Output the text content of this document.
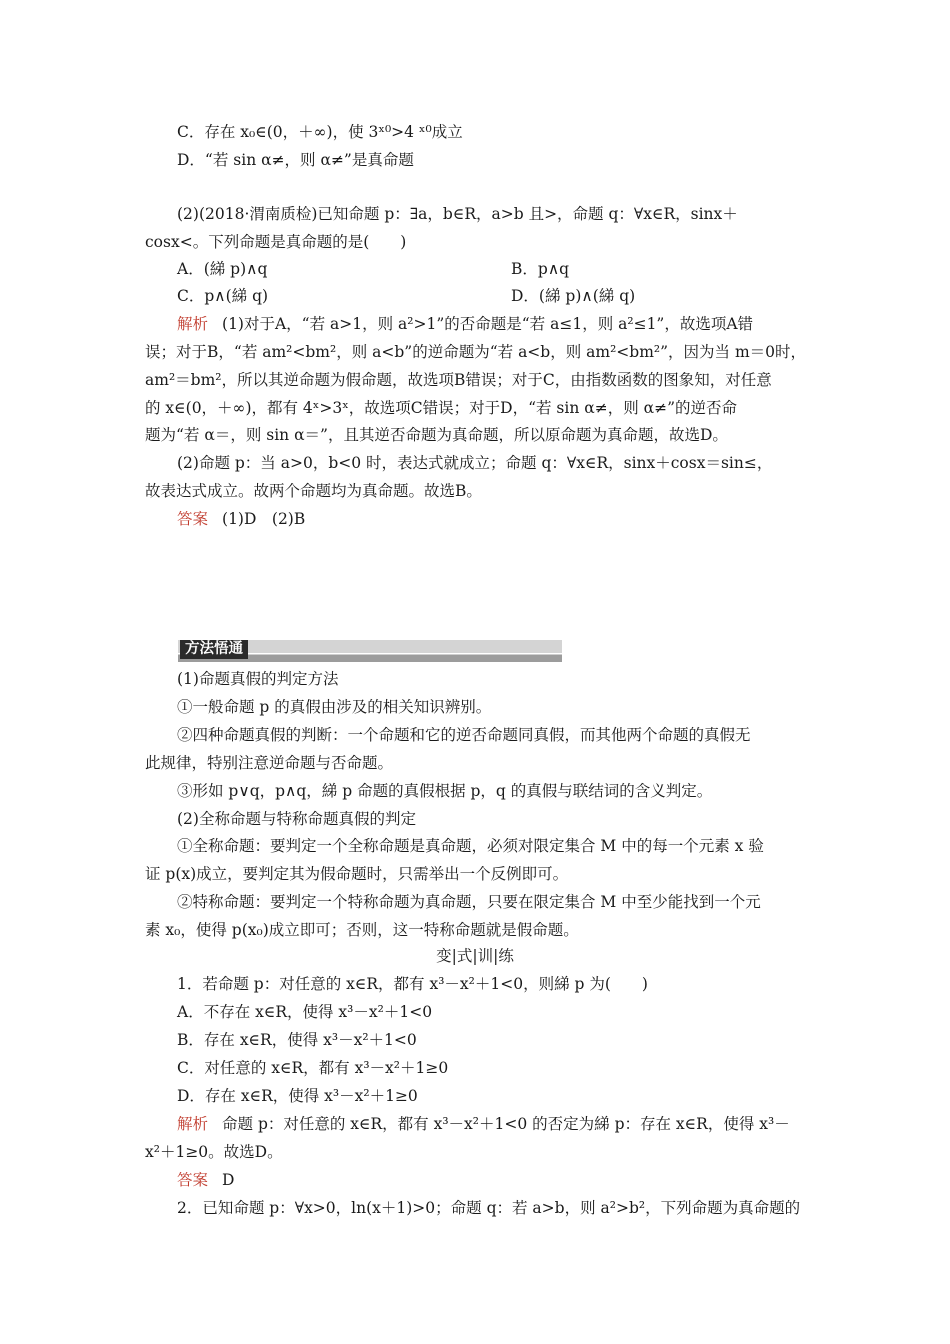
C．存在 x₀∈(0，＋∞)，使 3ˣ⁰>4 ˣ⁰成立
D．“若 sin α≠，则 α≠”是真命题
(2)(2018·渭南质检)已知命题 p：∃a，b∈R，a>b 且>，命题 q：∀x∈R，sinx＋
cosx<。下列命题是真命题的是(　　)
A．(綈 p)∧q	B．p∧q
C．p∧(綈 q)	D．(綈 p)∧(綈 q)
解析 (1)对于A，“若 a>1，则 a²>1”的否命题是“若 a≤1，则 a²≤1”，故选项A错
误；对于B，“若 am²<bm²，则 a<b”的逆命题为“若 a<b，则 am²<bm²”，因为当 m＝0时，
am²＝bm²，所以其逆命题为假命题，故选项B错误；对于C，由指数函数的图象知，对任意
的 x∈(0，＋∞)，都有 4ˣ>3ˣ，故选项C错误；对于D，“若 sin α≠，则 α≠”的逆否命
题为“若 α＝，则 sin α＝”，且其逆否命题为真命题，所以原命题为真命题，故选D。
(2)命题 p：当 a>0，b<0 时，表达式就成立；命题 q：∀x∈R，sinx＋cosx＝sin≤，
故表达式成立。故两个命题均为真命题。故选B。
答案 (1)D　(2)B
方法悟通
(1)命题真假的判定方法
①一般命题 p 的真假由涉及的相关知识辨别。
②四种命题真假的判断：一个命题和它的逆否命题同真假，而其他两个命题的真假无
此规律，特别注意逆命题与否命题。
③形如 p∨q，p∧q，綈 p 命题的真假根据 p，q 的真假与联结词的含义判定。
(2)全称命题与特称命题真假的判定
①全称命题：要判定一个全称命题是真命题，必须对限定集合 M 中的每一个元素 x 验
证 p(x)成立，要判定其为假命题时，只需举出一个反例即可。
②特称命题：要判定一个特称命题为真命题，只要在限定集合 M 中至少能找到一个元
素 x₀，使得 p(x₀)成立即可；否则，这一特称命题就是假命题。
变|式|训|练
1．若命题 p：对任意的 x∈R，都有 x³－x²＋1<0，则綈 p 为(　　)
A．不存在 x∈R，使得 x³－x²＋1<0
B．存在 x∈R，使得 x³－x²＋1<0
C．对任意的 x∈R，都有 x³－x²＋1≥0
D．存在 x∈R，使得 x³－x²＋1≥0
解析 命题 p：对任意的 x∈R，都有 x³－x²＋1<0 的否定为綈 p：存在 x∈R，使得 x³－
x²＋1≥0。故选D。
答案 D
2．已知命题 p：∀x>0，ln(x＋1)>0；命题 q：若 a>b，则 a²>b²，下列命题为真命题的
